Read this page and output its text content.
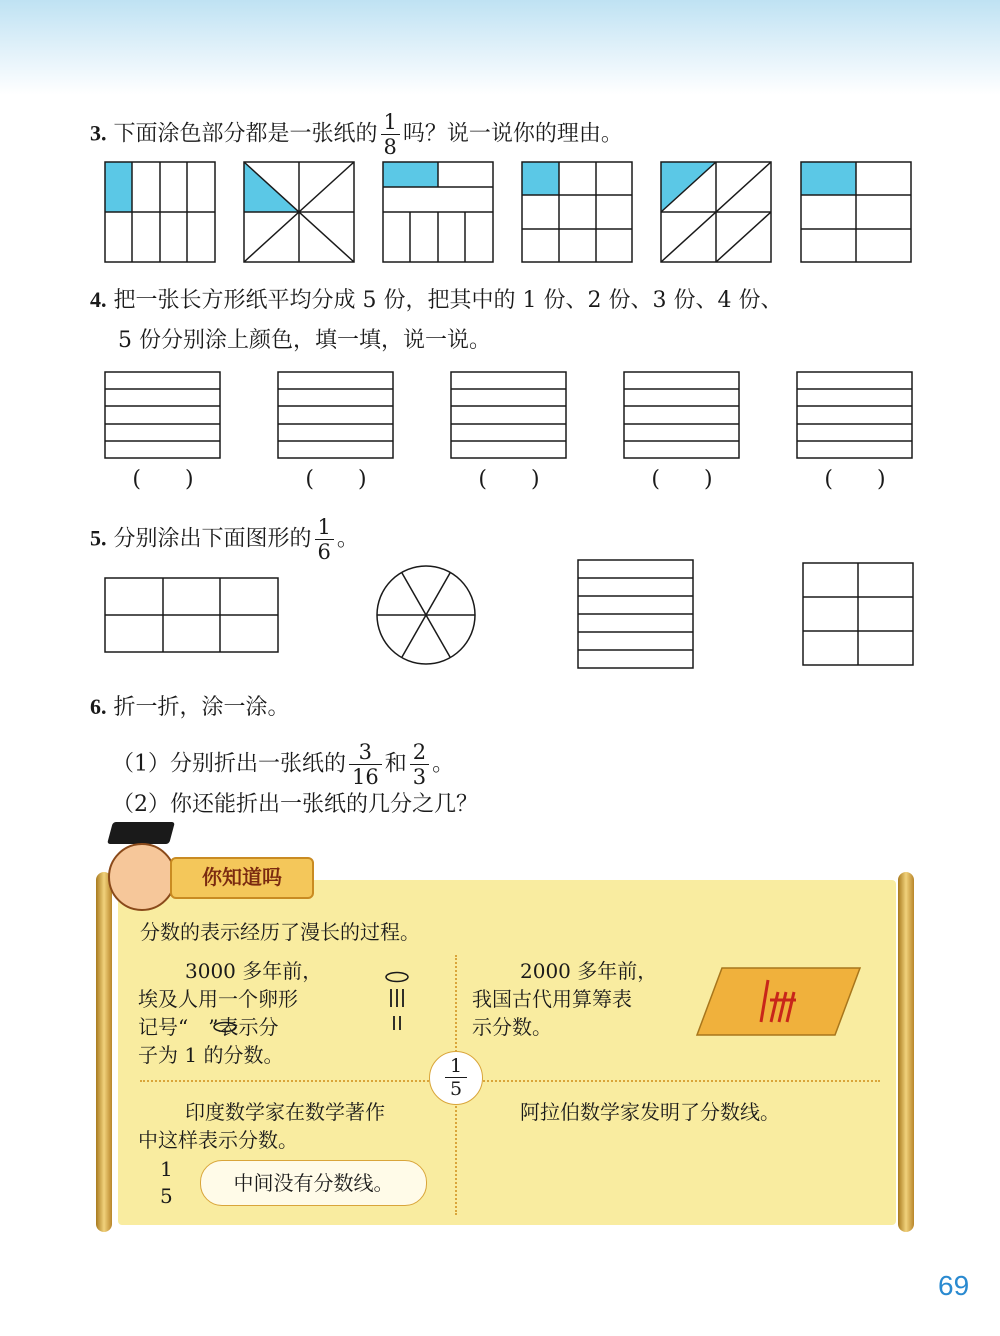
3. 下面涂色部分都是一张纸的 $\frac{1}{8}$ 吗？说一说你的理由。
4. 把一张长方形纸平均分成 5 份，把其中的 1 份、2 份、3 份、4 份、
5 份分别涂上颜色，填一填，说一说。
(　　)	(　　)	(　　)	(　　)	(　　)
5. 分别涂出下面图形的 $\frac{1}{6}$ 。
6. 折一折，涂一涂。
（1）分别折出一张纸的 $\frac{3}{16}$ 和 $\frac{2}{3}$ 。
（2）你还能折出一张纸的几分之几？
你知道吗
分数的表示经历了漫长的过程。
3000 多年前，
埃及人用一个卵形
记号“　”表示分
子为 1 的分数。
2000 多年前，
我国古代用算筹表
示分数。
$\frac{1}{5}$
印度数学家在数学著作
中这样表示分数。
1
5
中间没有分数线。
阿拉伯数学家发明了分数线。
69
